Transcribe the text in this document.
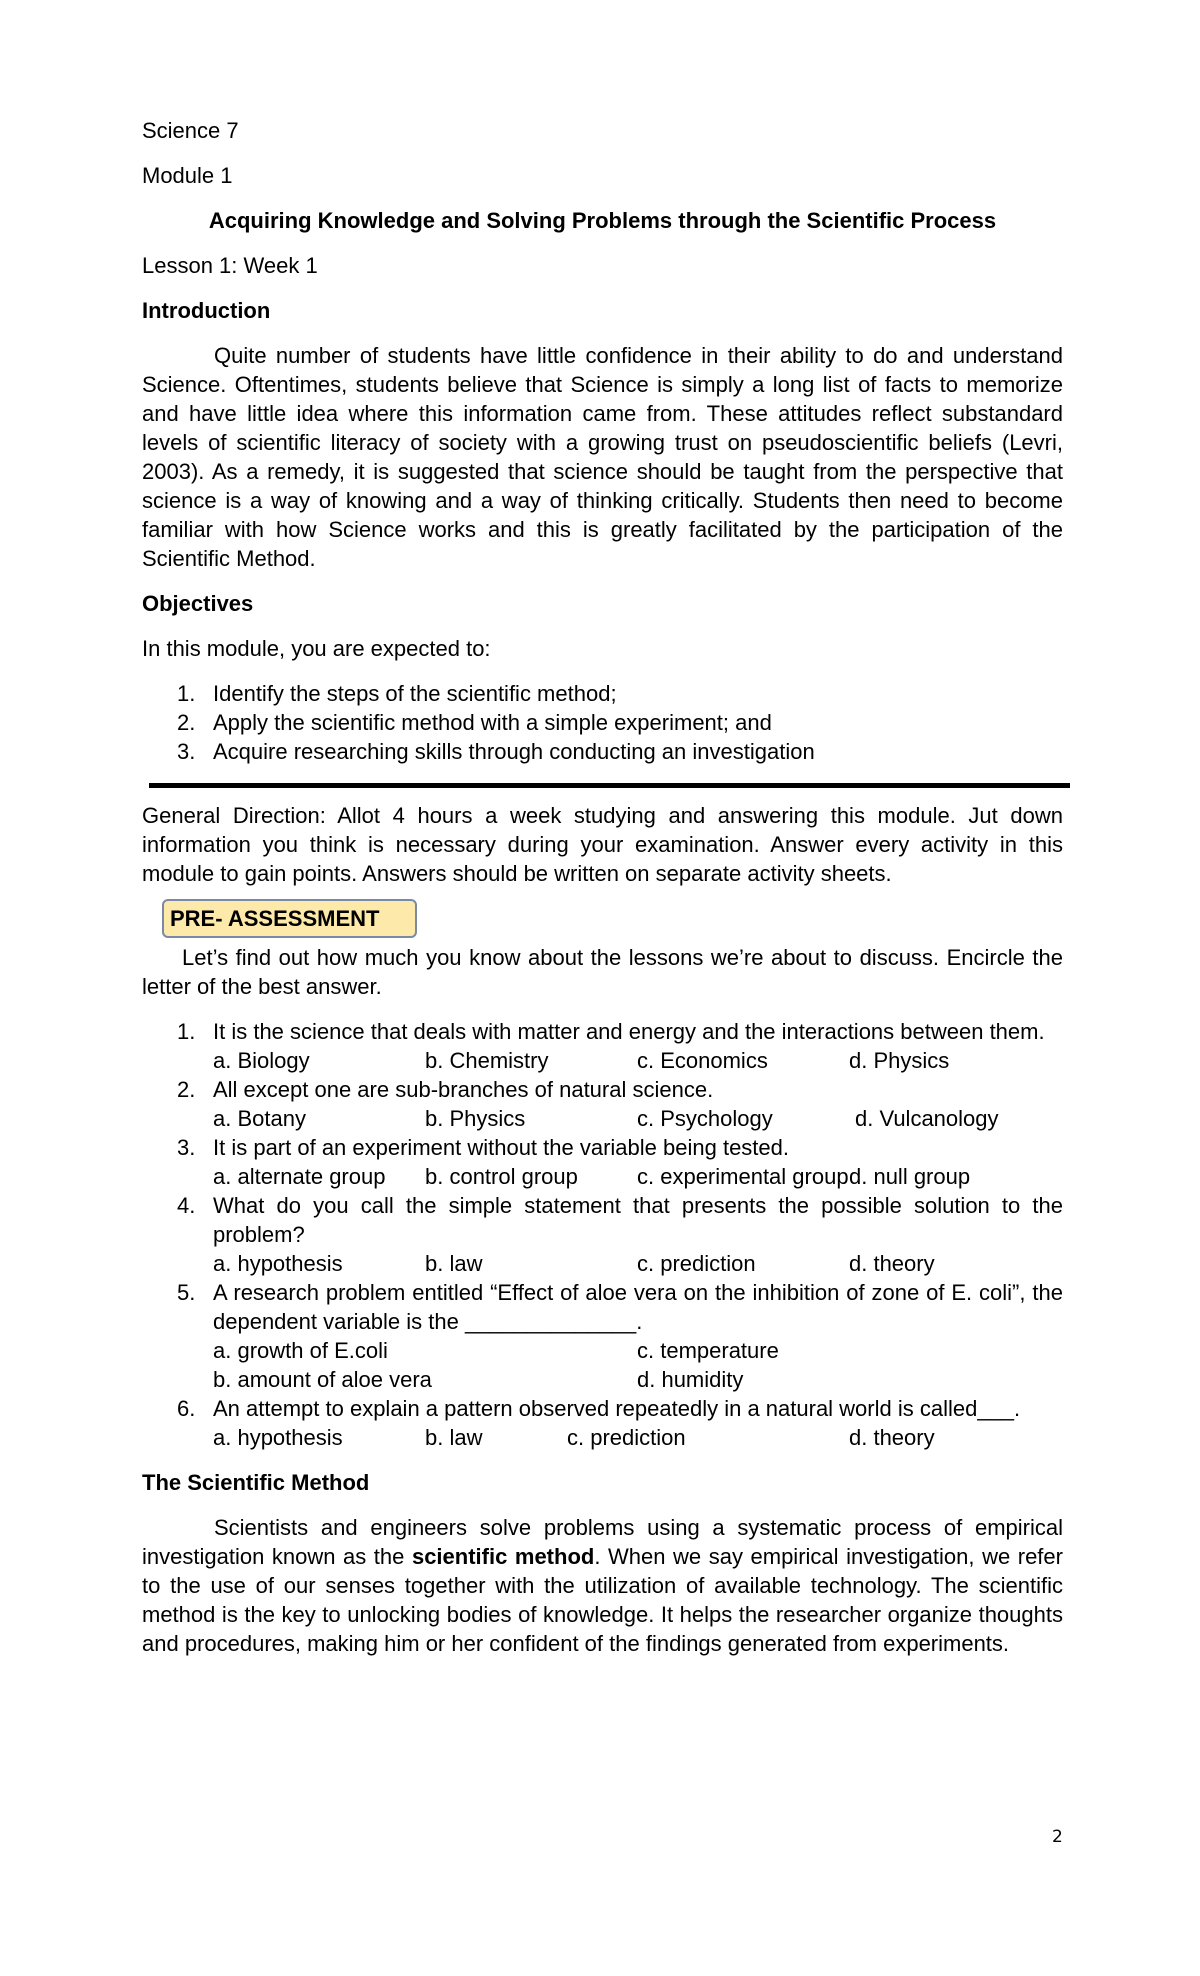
Science 7

Module 1

Acquiring Knowledge and Solving Problems through the Scientific Process

Lesson 1: Week 1

Introduction

Quite number of students have little confidence in their ability to do and understand Science. Oftentimes, students believe that Science is simply a long list of facts to memorize and have little idea where this information came from. These attitudes reflect substandard levels of scientific literacy of society with a growing trust on pseudoscientific beliefs (Levri, 2003). As a remedy, it is suggested that science should be taught from the perspective that science is a way of knowing and a way of thinking critically. Students then need to become familiar with how Science works and this is greatly facilitated by the participation of the Scientific Method.

Objectives

In this module, you are expected to:

1. Identify the steps of the scientific method;
2. Apply the scientific method with a simple experiment; and
3. Acquire researching skills through conducting an investigation

General Direction: Allot 4 hours a week studying and answering this module. Jut down information you think is necessary during your examination. Answer every activity in this module to gain points. Answers should be written on separate activity sheets.

PRE- ASSESSMENT

Let’s find out how much you know about the lessons we’re about to discuss. Encircle the letter of the best answer.

1. It is the science that deals with matter and energy and the interactions between them.

a. Biology	b. Chemistry	c. Economics	d. Physics
2. All except one are sub-branches of natural science.

a. Botany	b. Physics	c. Psychology	d. Vulcanology
3. It is part of an experiment without the variable being tested.

a. alternate group b. control group	c. experimental group d. null group
4. What do you call the simple statement that presents the possible solution to the problem?

a. hypothesis	b. law	c. prediction	d. theory
5. A research problem entitled “Effect of aloe vera on the inhibition of zone of E. coli”, the dependent variable is the ______________.

a. growth of E.coli	c. temperature
b. amount of aloe vera	d. humidity
6. An attempt to explain a pattern observed repeatedly in a natural world is called___.

a. hypothesis	b. law	c. prediction	d. theory

The Scientific Method

Scientists and engineers solve problems using a systematic process of empirical investigation known as the scientific method. When we say empirical investigation, we refer to the use of our senses together with the utilization of available technology. The scientific method is the key to unlocking bodies of knowledge. It helps the researcher organize thoughts and procedures, making him or her confident of the findings generated from experiments.

2
